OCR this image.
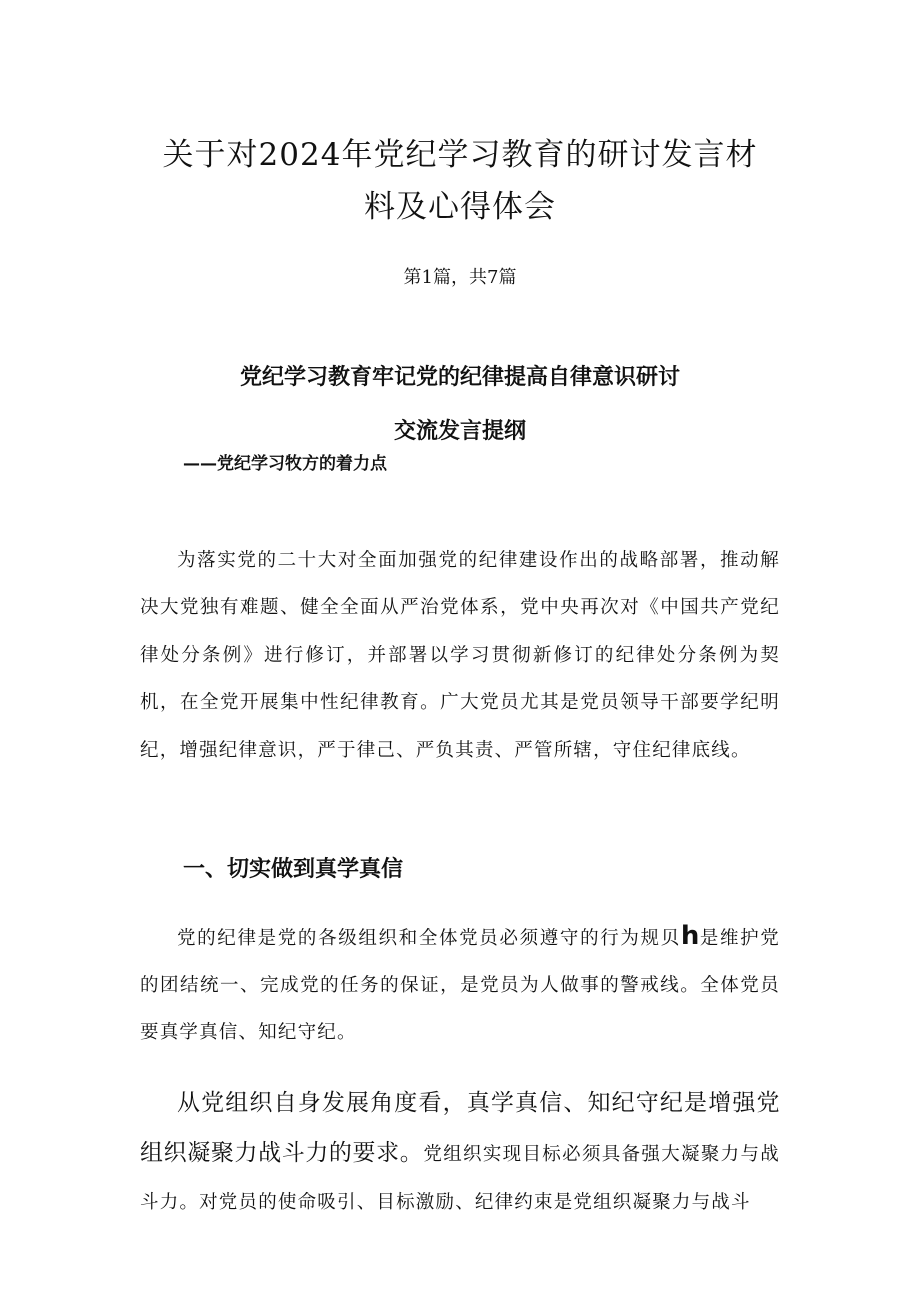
关于对2024年党纪学习教育的研讨发言材
料及心得体会
第1篇，共7篇
党纪学习教育牢记党的纪律提高自律意识研讨
交流发言提纲
——党纪学习牧方的着力点

为落实党的二十大对全面加强党的纪律建设作出的战略部署，推动解决大党独有难题、健全全面从严治党体系，党中央再次对《中国共产党纪律处分条例》进行修订，并部署以学习贯彻新修订的纪律处分条例为契机，在全党开展集中性纪律教育。广大党员尤其是党员领导干部要学纪明纪，增强纪律意识，严于律己、严负其责、严管所辖，守住纪律底线。

一、切实做到真学真信

党的纪律是党的各级组织和全体党员必须遵守的行为规贝h是维护党的团结统一、完成党的任务的保证，是党员为人做事的警戒线。全体党员要真学真信、知纪守纪。

从党组织自身发展角度看，真学真信、知纪守纪是增强党组织凝聚力战斗力的要求。党组织实现目标必须具备强大凝聚力与战斗力。对党员的使命吸引、目标激励、纪律约束是党组织凝聚力与战斗
